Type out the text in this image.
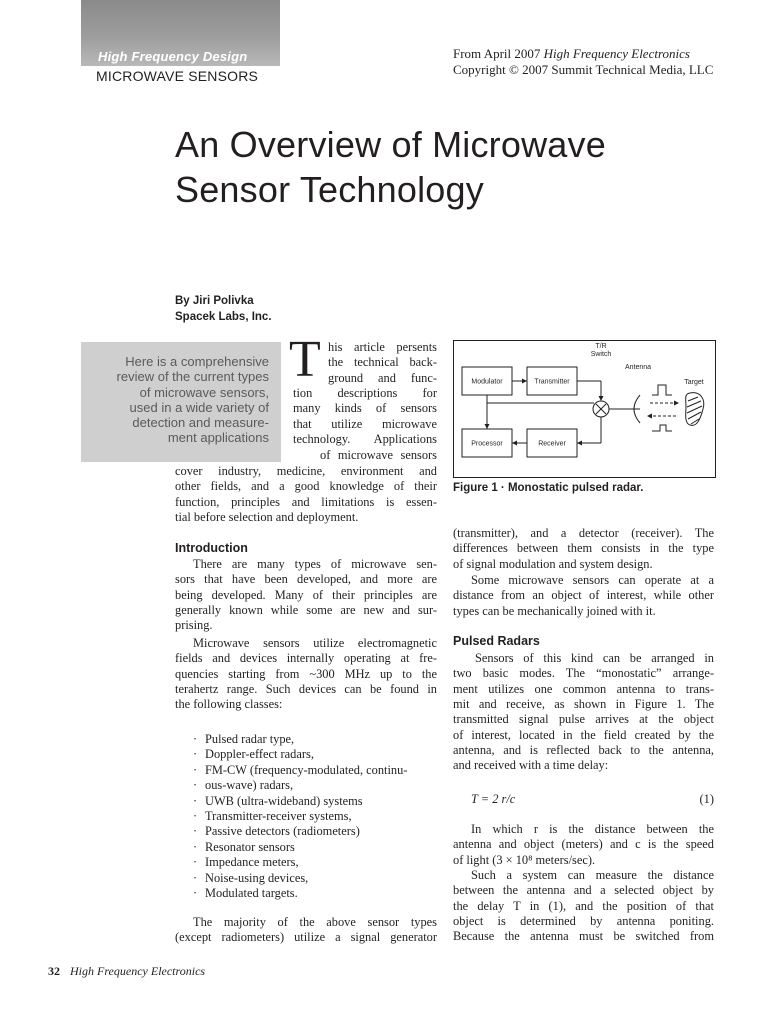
High Frequency Design
MICROWAVE SENSORS
From April 2007 High Frequency Electronics
Copyright © 2007 Summit Technical Media, LLC
An Overview of Microwave
Sensor Technology
By Jiri Polivka
Spacek Labs, Inc.
Here is a comprehensive
review of the current types
of microwave sensors,
used in a wide variety of
detection and measure-
ment applications
T his article persents
the technical back-
ground and func-
tion descriptions for
many kinds of sensors
that utilize microwave
technology. Applications
of microwave sensors
cover industry, medicine, environment and
other fields, and a good knowledge of their
function, principles and limitations is essen-
tial before selection and deployment.
Introduction
There are many types of microwave sen-
sors that have been developed, and more are
being developed. Many of their principles are
generally known while some are new and sur-
prising.
Microwave sensors utilize electromagnetic
fields and devices internally operating at fre-
quencies starting from ~300 MHz up to the
terahertz range. Such devices can be found in
the following classes:
· Pulsed radar type,
· Doppler-effect radars,
· FM-CW (frequency-modulated, continu-
· ous-wave) radars,
· UWB (ultra-wideband) systems
· Transmitter-receiver systems,
· Passive detectors (radiometers)
· Resonator sensors
· Impedance meters,
· Noise-using devices,
· Modulated targets.
The majority of the above sensor types
(except radiometers) utilize a signal generator
Modulator	Transmitter
Processor	Receiver
T/R
Switch
Antenna
Target
Figure 1 · Monostatic pulsed radar.
(transmitter), and a detector (receiver). The
differences between them consists in the type
of signal modulation and system design.
Some microwave sensors can operate at a
distance from an object of interest, while other
types can be mechanically joined with it.
Pulsed Radars
Sensors of this kind can be arranged in
two basic modes. The “monostatic” arrange-
ment utilizes one common antenna to trans-
mit and receive, as shown in Figure 1. The
transmitted signal pulse arrives at the object
of interest, located in the field created by the
antenna, and is reflected back to the antenna,
and received with a time delay:
T = 2 r/c	(1)
In which r is the distance between the
antenna and object (meters) and c is the speed
of light (3 × 10⁸ meters/sec).
Such a system can measure the distance
between the antenna and a selected object by
the delay T in (1), and the position of that
object is determined by antenna poniting.
Because the antenna must be switched from
32 High Frequency Electronics
